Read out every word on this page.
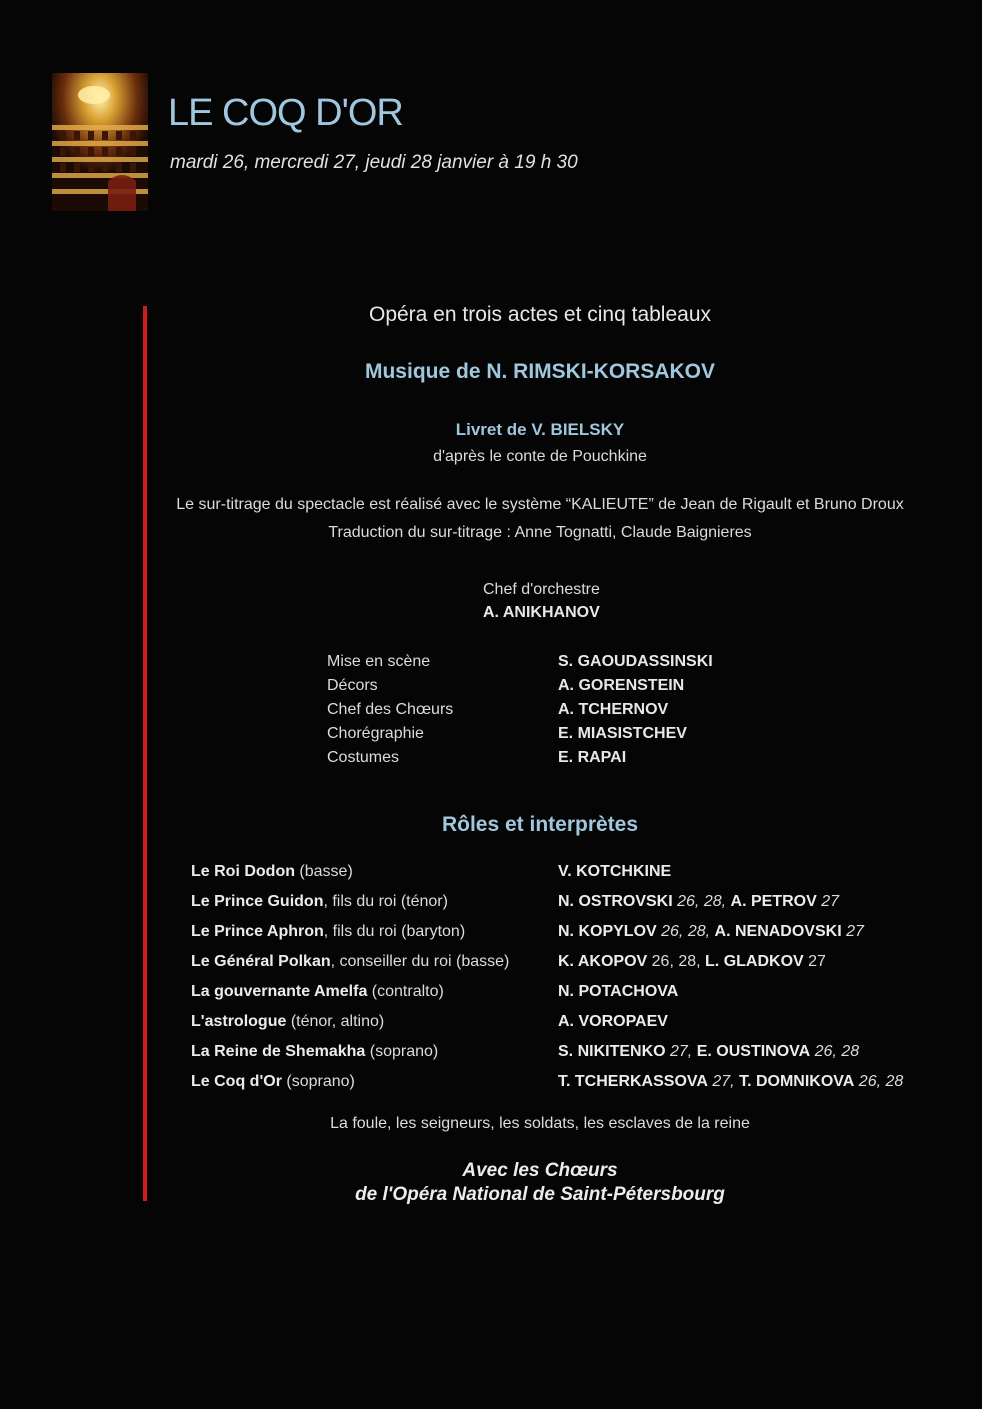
LE COQ D'OR
mardi 26, mercredi 27, jeudi 28 janvier à 19 h 30
Opéra en trois actes et cinq tableaux
Musique de N. RIMSKI-KORSAKOV
Livret de V. BIELSKY
d'après le conte de Pouchkine
Le sur-titrage du spectacle est réalisé avec le système “KALIEUTE” de Jean de Rigault et Bruno Droux
Traduction du sur-titrage : Anne Tognatti, Claude Baignieres
Chef d'orchestre
A. ANIKHANOV
Mise en scène	S. GAOUDASSINSKI
Décors	A. GORENSTEIN
Chef des Chœurs	A. TCHERNOV
Chorégraphie	E. MIASISTCHEV
Costumes	E. RAPAI
Rôles et interprètes
Le Roi Dodon (basse)	V. KOTCHKINE
Le Prince Guidon, fils du roi (ténor)	N. OSTROVSKI 26, 28, A. PETROV 27
Le Prince Aphron, fils du roi (baryton)	N. KOPYLOV 26, 28, A. NENADOVSKI 27
Le Général Polkan, conseiller du roi (basse)	K. AKOPOV 26, 28, L. GLADKOV 27
La gouvernante Amelfa (contralto)	N. POTACHOVA
L'astrologue (ténor, altino)	A. VOROPAEV
La Reine de Shemakha (soprano)	S. NIKITENKO 27, E. OUSTINOVA 26, 28
Le Coq d'Or (soprano)	T. TCHERKASSOVA 27, T. DOMNIKOVA 26, 28
La foule, les seigneurs, les soldats, les esclaves de la reine
Avec les Chœurs
de l'Opéra National de Saint-Pétersbourg
